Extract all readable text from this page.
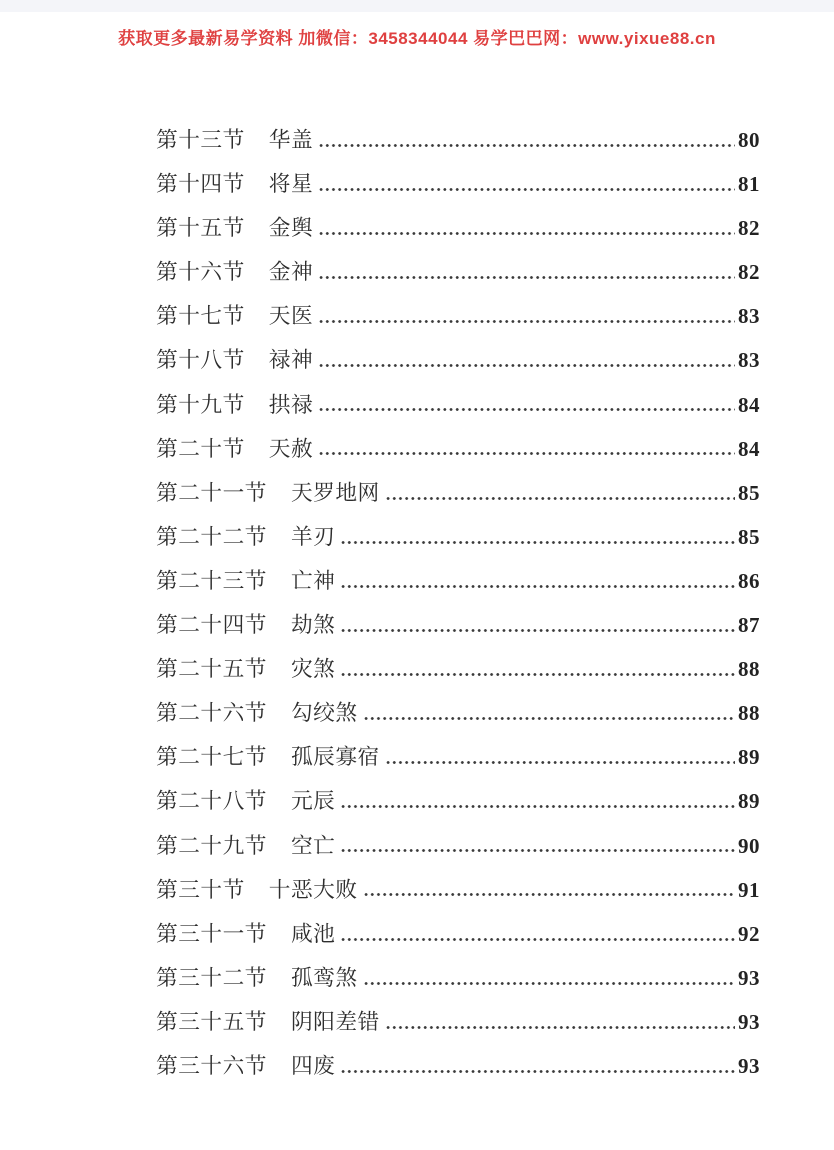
获取更多最新易学资料 加微信：3458344044 易学巴巴网：www.yixue88.cn
第十三节 华盖	80
第十四节 将星	81
第十五节 金舆	82
第十六节 金神	82
第十七节 天医	83
第十八节 禄神	83
第十九节 拱禄	84
第二十节 天赦	84
第二十一节 天罗地网	85
第二十二节 羊刃	85
第二十三节 亡神	86
第二十四节 劫煞	87
第二十五节 灾煞	88
第二十六节 勾绞煞	88
第二十七节 孤辰寡宿	89
第二十八节 元辰	89
第二十九节 空亡	90
第三十节 十恶大败	91
第三十一节 咸池	92
第三十二节 孤鸾煞	93
第三十五节 阴阳差错	93
第三十六节 四废	93
